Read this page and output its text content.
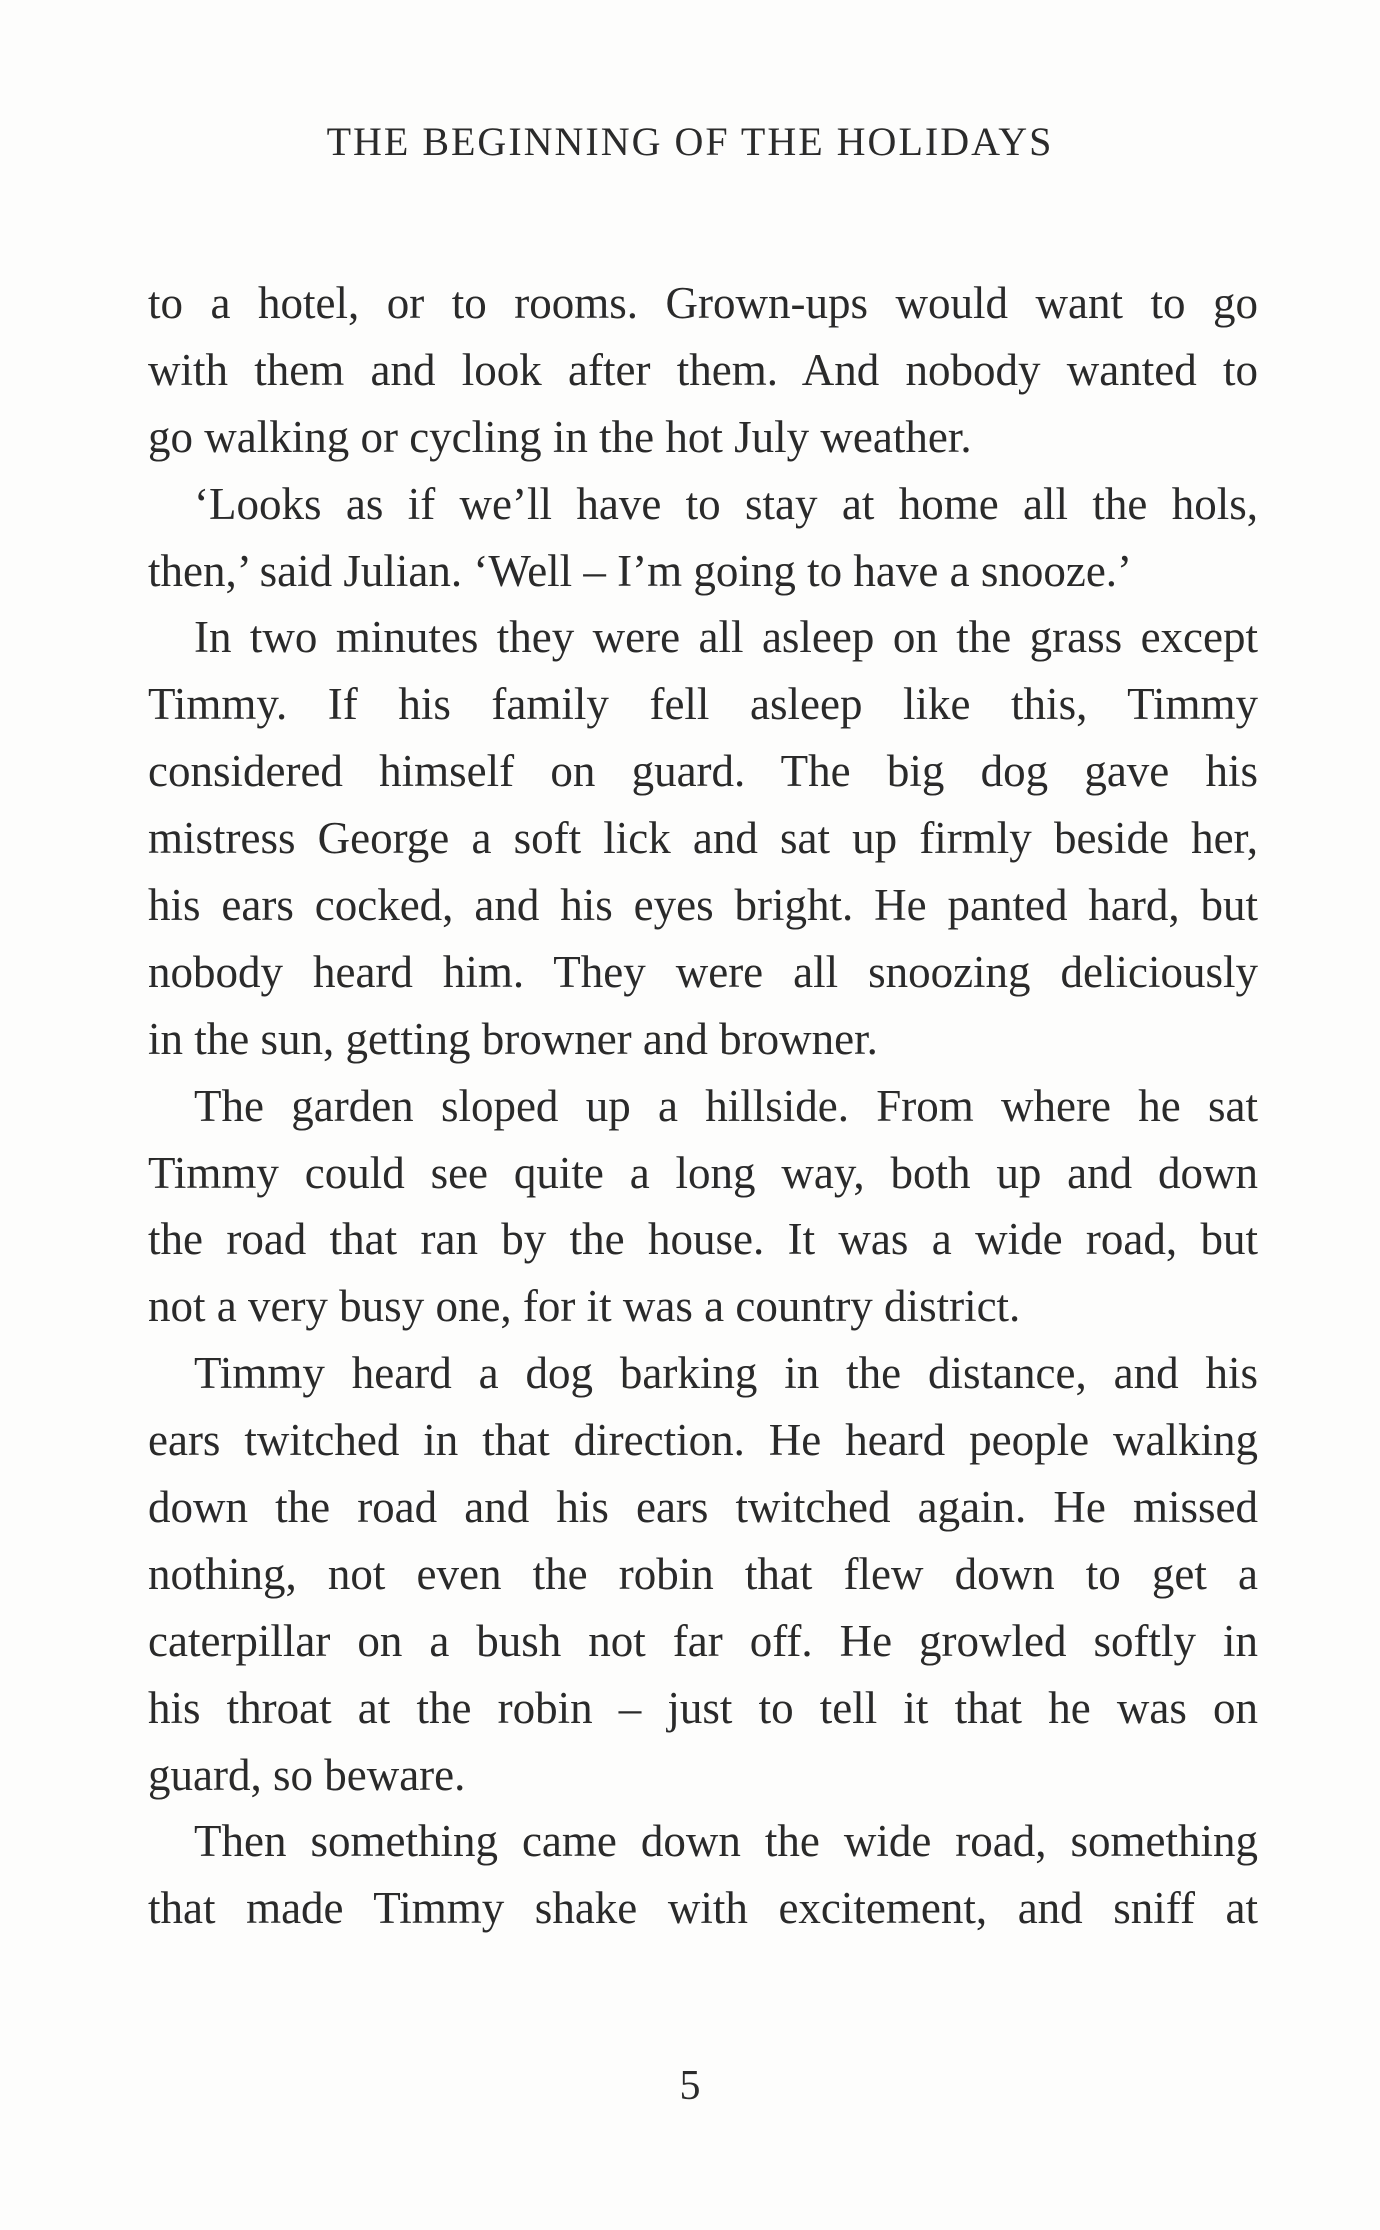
THE BEGINNING OF THE HOLIDAYS
to a hotel, or to rooms. Grown-ups would want to go
with them and look after them. And nobody wanted to
go walking or cycling in the hot July weather.
‘Looks as if we’ll have to stay at home all the hols,
then,’ said Julian. ‘Well – I’m going to have a snooze.’
In two minutes they were all asleep on the grass except
Timmy. If his family fell asleep like this, Timmy
considered himself on guard. The big dog gave his
mistress George a soft lick and sat up firmly beside her,
his ears cocked, and his eyes bright. He panted hard, but
nobody heard him. They were all snoozing deliciously
in the sun, getting browner and browner.
The garden sloped up a hillside. From where he sat
Timmy could see quite a long way, both up and down
the road that ran by the house. It was a wide road, but
not a very busy one, for it was a country district.
Timmy heard a dog barking in the distance, and his
ears twitched in that direction. He heard people walking
down the road and his ears twitched again. He missed
nothing, not even the robin that flew down to get a
caterpillar on a bush not far off. He growled softly in
his throat at the robin – just to tell it that he was on
guard, so beware.
Then something came down the wide road, something
that made Timmy shake with excitement, and sniff at
5
